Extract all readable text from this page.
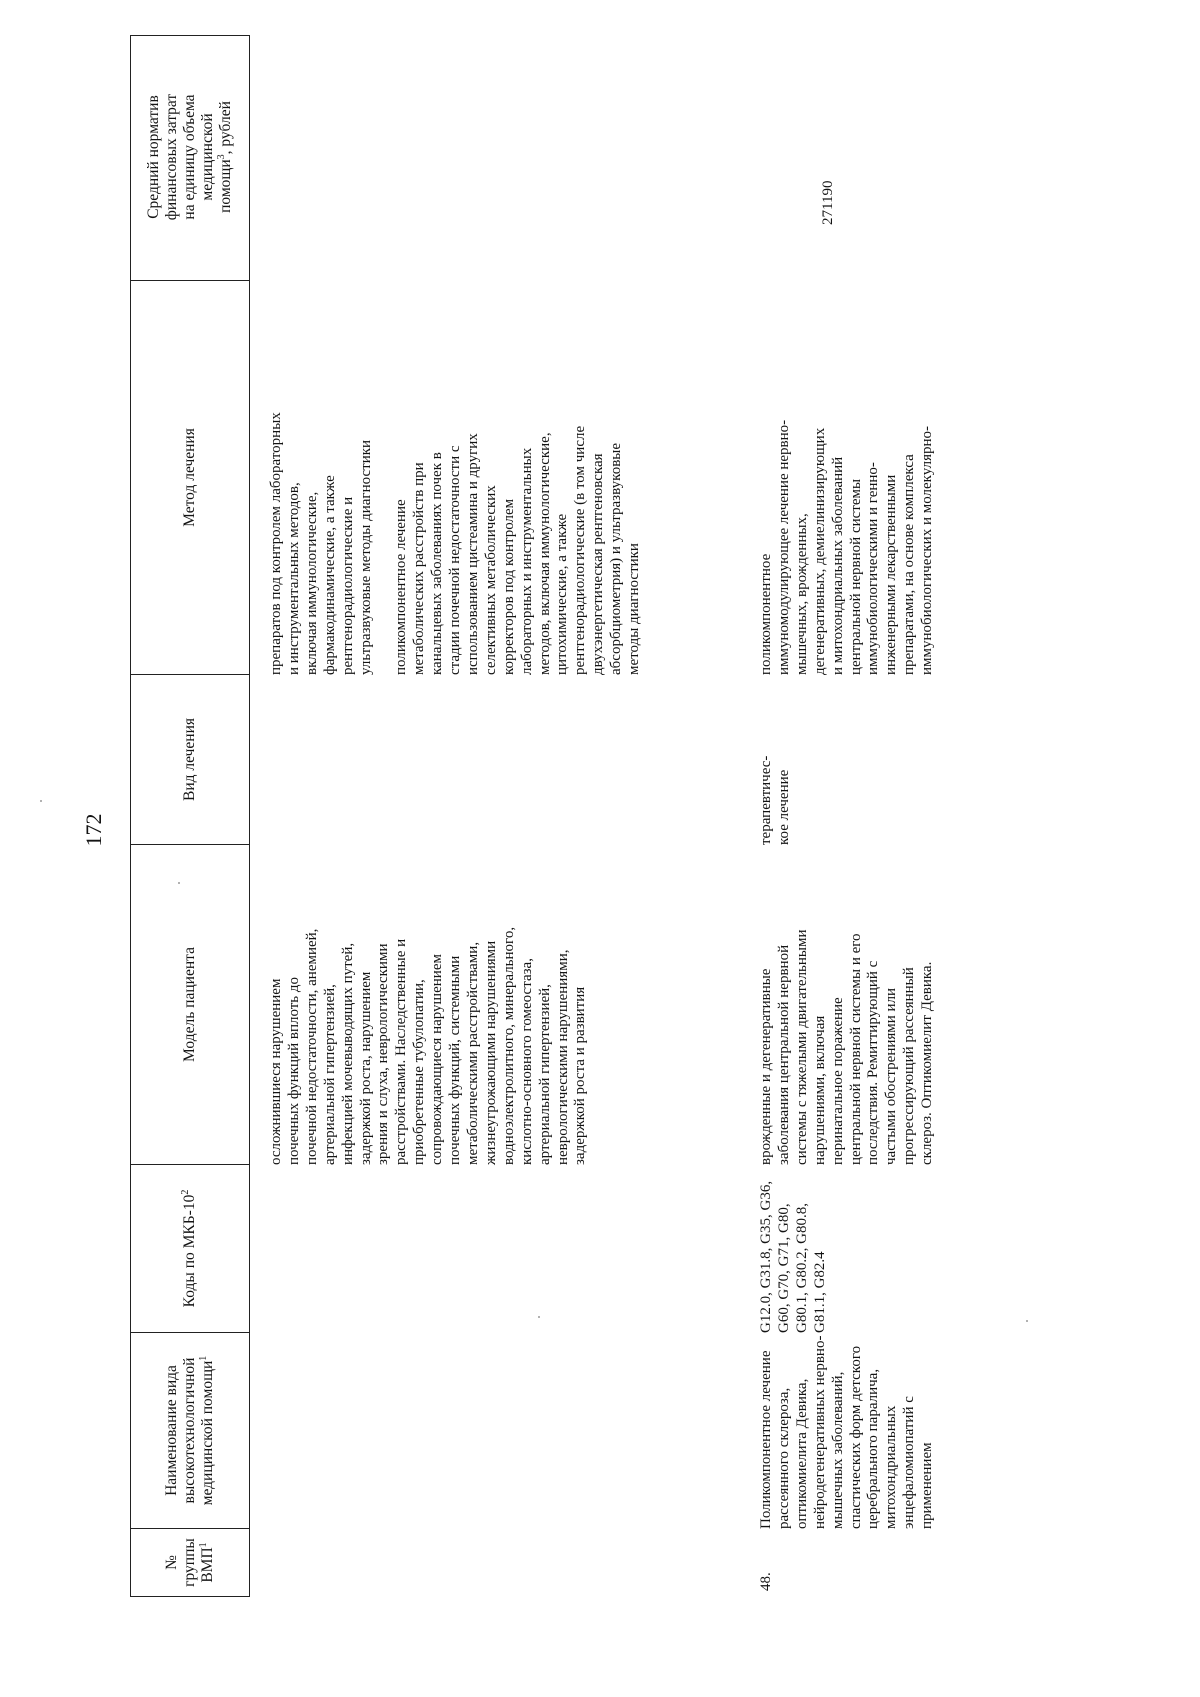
172
№ группы ВМП$^1$
Наименование вида высокотехнологичной медицинской помощи$^1$
Коды по МКБ-$10^2$
Модель пациента
Вид лечения
Метод лечения
Средний норматив финансовых затрат на единицу объема медицинской помощи$^3$, рублей

осложнившиеся нарушением почечных функций вплоть до почечной недостаточности, анемией, артериальной гипертензией, инфекцией мочевыводящих путей, задержкой роста, нарушением зрения и слуха, неврологическими расстройствами. Наследственные и приобретенные тубулопатии, сопровождающиеся нарушением почечных функций, системными метаболическими расстройствами, жизнеугрожающими нарушениями водноэлектролитного, минерального, кислотно-основного гомеостаза, артериальной гипертензией, неврологическими нарушениями, задержкой роста и развития

препаратов под контролем лабораторных и инструментальных методов, включая иммунологические, фармакодинамические, а также рентгенорадиологические и ультразвуковые методы диагностики поликомпонентное лечение метаболических расстройств при канальцевых заболеваниях почек в стадии почечной недостаточности с использованием цистеамина и других селективных метаболических корректоров под контролем лабораторных и инструментальных методов, включая иммунологические, цитохимические, а также рентгенорадиологические (в том числе двухэнергетическая рентгеновская абсорбциометрия) и ультразвуковые методы диагностики

48.

Поликомпонентное лечение рассеянного склероза, оптикомиелита Девика, нейродегенеративных нервно- мышечных заболеваний, спастических форм детского церебрального паралича, митохондриальных энцефаломиопатий с применением

G12.0, G31.8, G35, G36, G60, G70, G71, G80, G80.1, G80.2, G80.8, G81.1, G82.4

врожденные и дегенеративные заболевания центральной нервной системы с тяжелыми двигательными нарушениями, включая перинатальное поражение центральной нервной системы и его последствия. Ремиттирующий с частыми обострениями или прогрессирующий рассеянный склероз. Оптикомиелит Девика.

терапевтичес- кое лечение

поликомпонентное иммуномодулирующее лечение нервно- мышечных, врожденных, дегенеративных, демиелинизирующих и митохондриальных заболеваний центральной нервной системы иммунобиологическими и генно- инженерными лекарственными препаратами, на основе комплекса иммунобиологических и молекулярно-

271190
